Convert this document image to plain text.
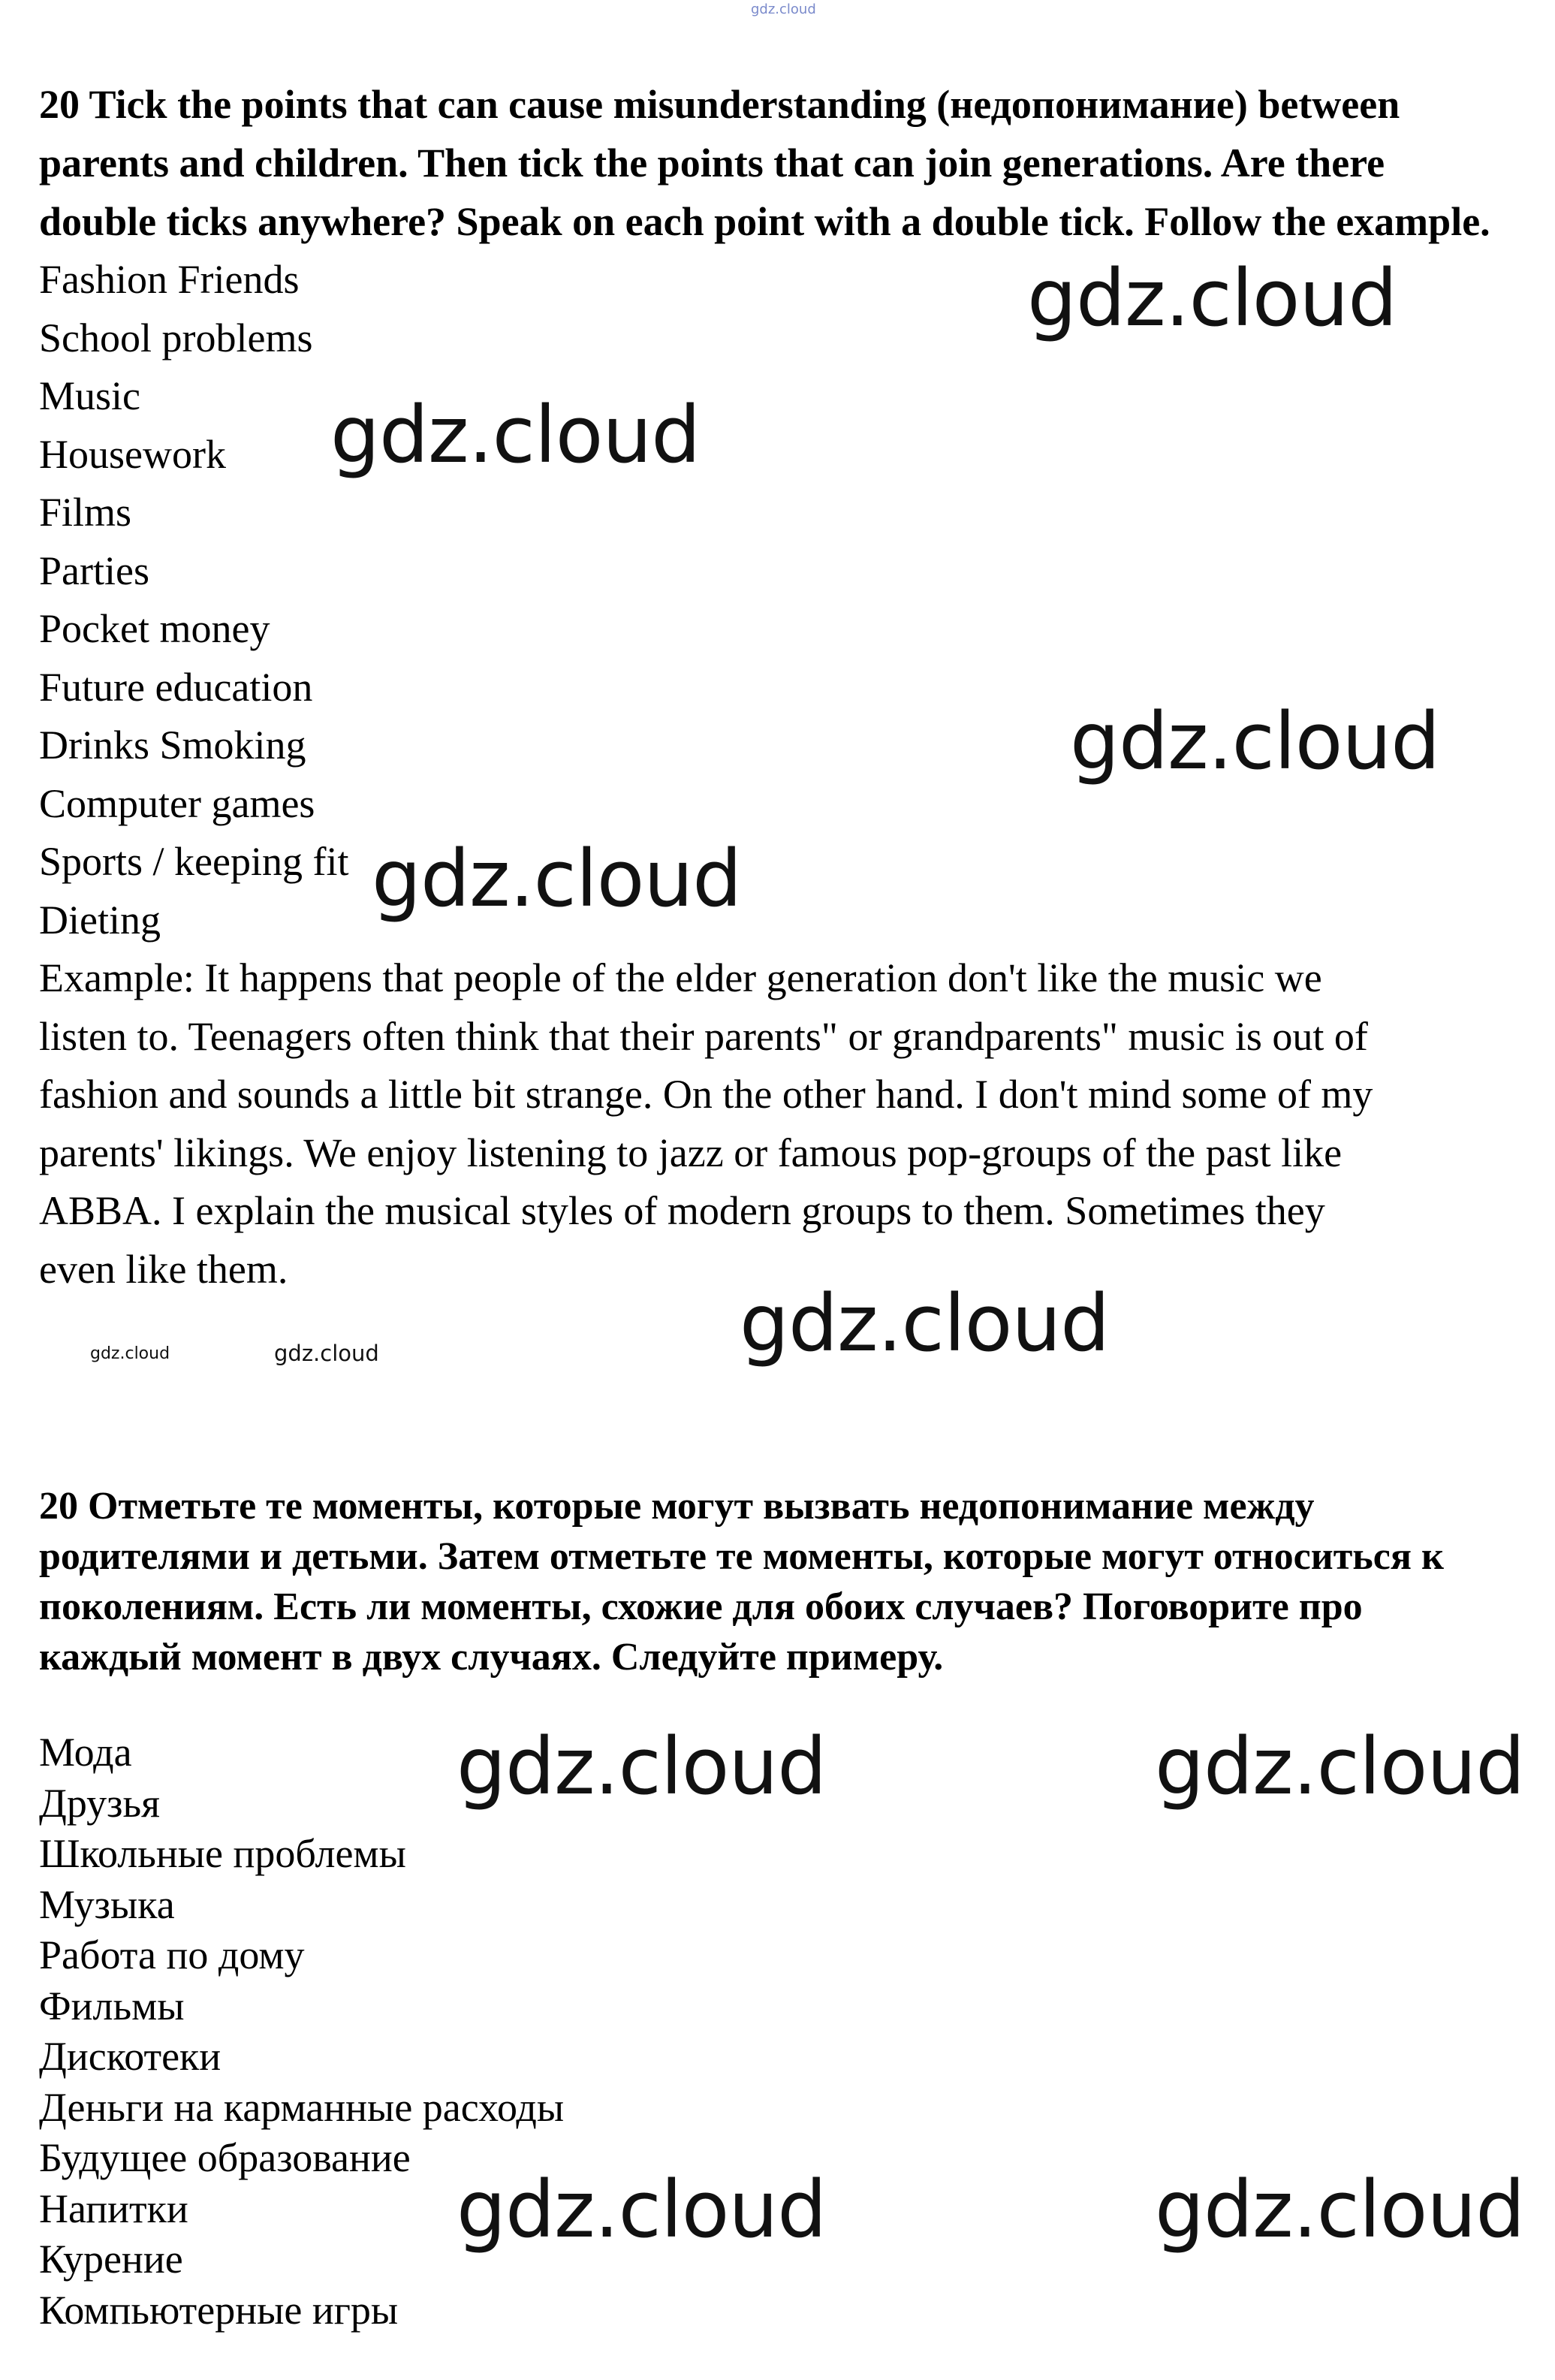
gdz.cloud

20 Tick the points that can cause misunderstanding (недопонимание) between parents and children. Then tick the points that can join generations. Are there double ticks anywhere? Speak on each point with a double tick. Follow the example.

Fashion Friends

School problems

Music

Housework

Films

Parties

Pocket money

Future education

Drinks Smoking

Computer games

Sports / keeping fit

Dieting

Example: It happens that people of the elder generation don't like the music we

listen to. Teenagers often think that their parents" or grandparents" music is out of

fashion and sounds a little bit strange. On the other hand. I don't mind some of my

parents' likings. We enjoy listening to jazz or famous pop-groups of the past like

ABBA. I explain the musical styles of modern groups to them. Sometimes they

even like them.

20 Отметьте те моменты, которые могут вызвать недопонимание между родителями и детьми. Затем отметьте те моменты, которые могут относиться к поколениям. Есть ли моменты, схожие для обоих случаев? Поговорите про каждый момент в двух случаях. Следуйте примеру.

Мода

Друзья

Школьные проблемы

Музыка

Работа по дому

Фильмы

Дискотеки

Деньги на карманные расходы

Будущее образование

Напитки

Курение

Компьютерные игры

gdz.cloud
gdz.cloud
gdz.cloud
gdz.cloud
gdz.cloud
gdz.cloud	gdz.cloud
gdz.cloud	gdz.cloud
gdz.cloud	gdz.cloud
